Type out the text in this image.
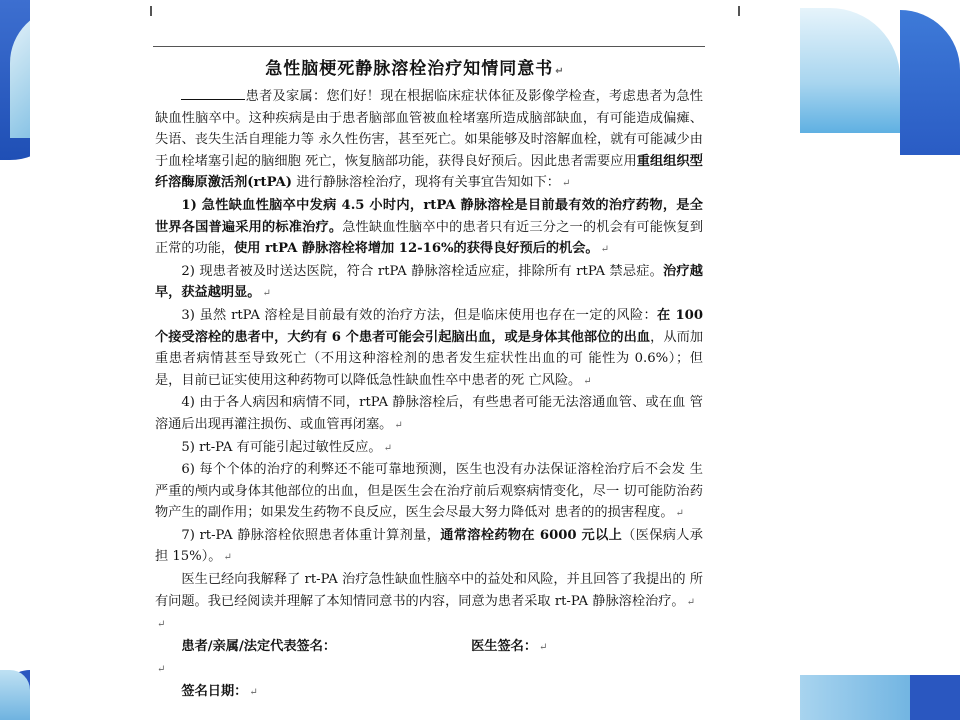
急性脑梗死静脉溶栓治疗知情同意书 ↵

患者及家属：您们好！现在根据临床症状体征及影像学检查，考虑患者为急性缺血性脑卒中。这种疾病是由于患者脑部血管被血栓堵塞所造成脑部缺血，有可能造成偏瘫、失语、丧失生活自理能力等 永久性伤害，甚至死亡。如果能够及时溶解血栓，就有可能减少由于血栓堵塞引起的脑细胞 死亡，恢复脑部功能，获得良好预后。因此患者需要应用重组组织型纤溶酶原激活剂(rtPA) 进行静脉溶栓治疗，现将有关事宜告知如下： ↵

1) 急性缺血性脑卒中发病 4.5 小时内，rtPA 静脉溶栓是目前最有效的治疗药物，是全 世界各国普遍采用的标准治疗。急性缺血性脑卒中的患者只有近三分之一的机会有可能恢复到正常的功能，使用 rtPA 静脉溶栓将增加 12-16%的获得良好预后的机会。 ↵

2) 现患者被及时送达医院，符合 rtPA 静脉溶栓适应症，排除所有 rtPA 禁忌症。治疗越早，获益越明显。 ↵

3) 虽然 rtPA 溶栓是目前最有效的治疗方法，但是临床使用也存在一定的风险：在 100 个接受溶栓的患者中，大约有 6 个患者可能会引起脑出血，或是身体其他部位的出血，从而加重患者病情甚至导致死亡（不用这种溶栓剂的患者发生症状性出血的可 能性为 0.6%）；但是，目前已证实使用这种药物可以降低急性缺血性卒中患者的死 亡风险。 ↵

4) 由于各人病因和病情不同，rtPA 静脉溶栓后，有些患者可能无法溶通血管、或在血 管溶通后出现再灌注损伤、或血管再闭塞。 ↵

5) rt-PA 有可能引起过敏性反应。 ↵

6) 每个个体的治疗的利弊还不能可靠地预测，医生也没有办法保证溶栓治疗后不会发 生严重的颅内或身体其他部位的出血，但是医生会在治疗前后观察病情变化，尽一 切可能防治药物产生的副作用；如果发生药物不良反应，医生会尽最大努力降低对 患者的的损害程度。 ↵

7) rt-PA 静脉溶栓依照患者体重计算剂量，通常溶栓药物在 6000 元以上（医保病人承担 15%）。 ↵

医生已经向我解释了 rt-PA 治疗急性缺血性脑卒中的益处和风险，并且回答了我提出的 所有问题。我已经阅读并理解了本知情同意书的内容，同意为患者采取 rt-PA 静脉溶栓治疗。 ↵

↵

患者/亲属/法定代表签名：	医生签名： ↵

↵

签名日期： ↵
